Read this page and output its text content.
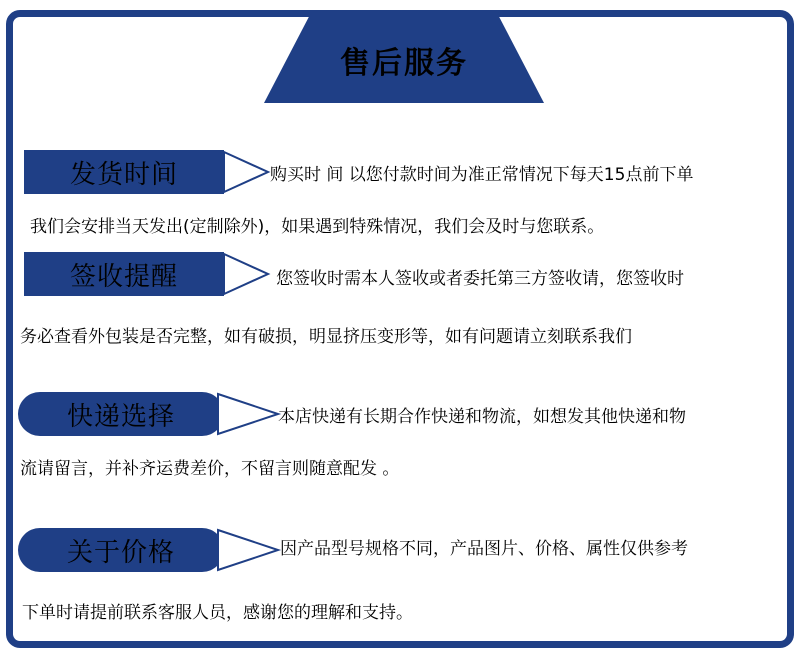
售后服务
发货时间	购买时 间 以您付款时间为准正常情况下每天15点前下单
我们会安排当天发出(定制除外)，如果遇到特殊情况，我们会及时与您联系。
签收提醒	您签收时需本人签收或者委托第三方签收请，您签收时
务必查看外包装是否完整，如有破损，明显挤压变形等，如有问题请立刻联系我们
快递选择	本店快递有长期合作快递和物流，如想发其他快递和物
流请留言，并补齐运费差价，不留言则随意配发 。
关于价格	因产品型号规格不同，产品图片、价格、属性仅供参考
下单时请提前联系客服人员，感谢您的理解和支持。
